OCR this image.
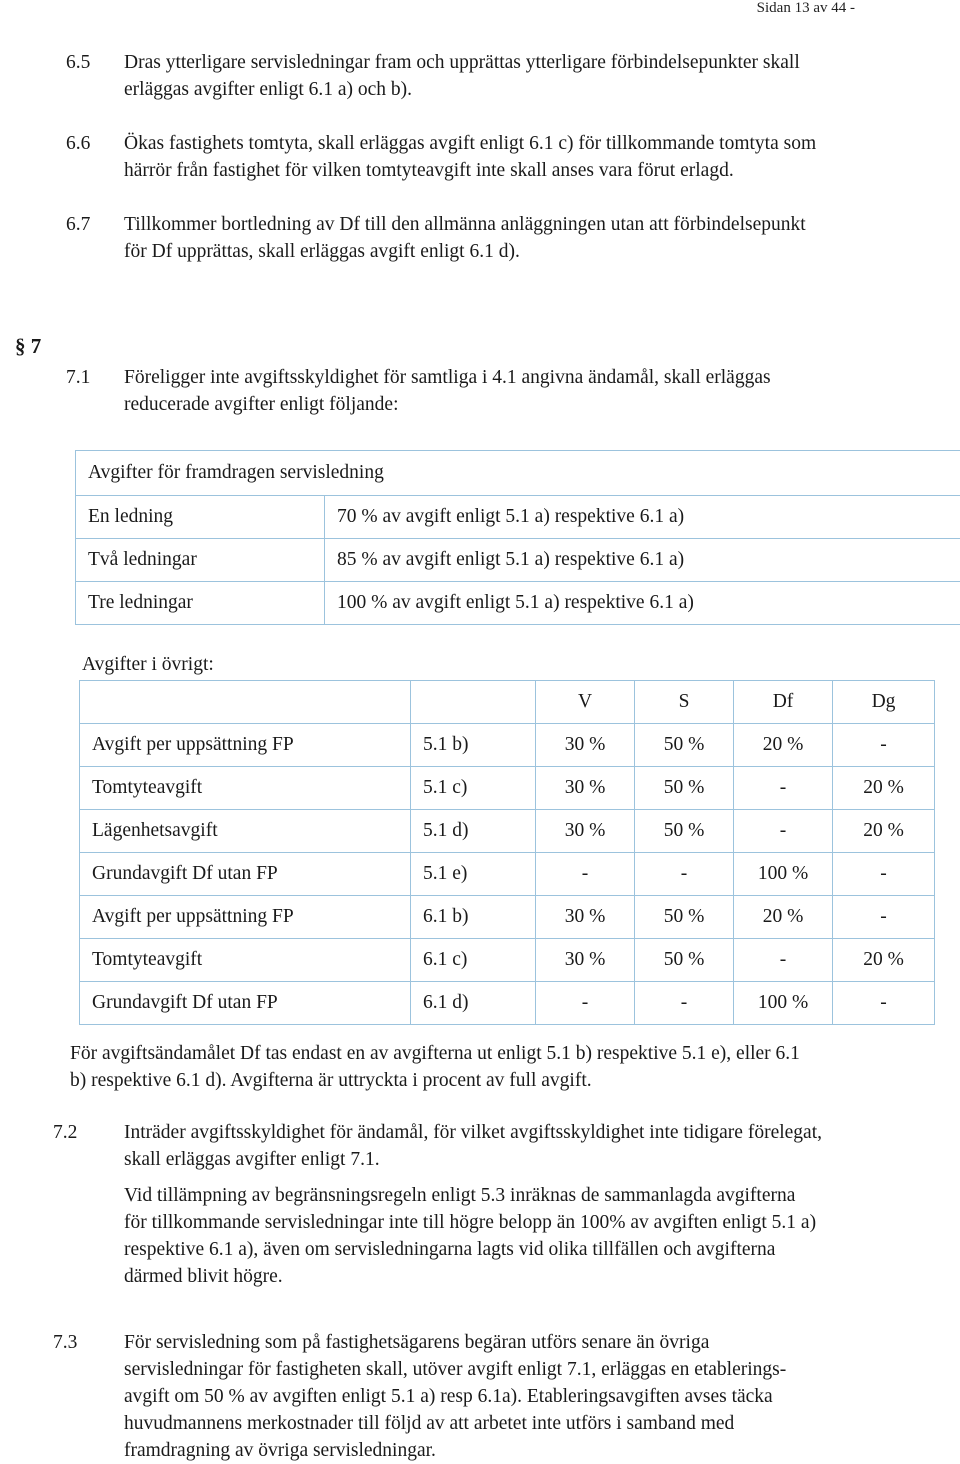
Sidan 13 av 44 -
6.5 Dras ytterligare servisledningar fram och upprättas ytterligare förbindelsepunkter skall
erläggas avgifter enligt 6.1 a) och b).
6.6 Ökas fastighets tomtyta, skall erläggas avgift enligt 6.1 c) för tillkommande tomtyta som
härrör från fastighet för vilken tomtyteavgift inte skall anses vara förut erlagd.
6.7 Tillkommer bortledning av Df till den allmänna anläggningen utan att förbindelsepunkt
för Df upprättas, skall erläggas avgift enligt 6.1 d).
§ 7
7.1 Föreligger inte avgiftsskyldighet för samtliga i 4.1 angivna ändamål, skall erläggas
reducerade avgifter enligt följande:
Avgifter för framdragen servisledning	
En ledning	70 % av avgift enligt 5.1 a) respektive 6.1 a)
Två ledningar	85 % av avgift enligt 5.1 a) respektive 6.1 a)
Tre ledningar	100 % av avgift enligt 5.1 a) respektive 6.1 a)
Avgifter i övrigt:
		V	S	Df	Dg
Avgift per uppsättning FP	5.1 b)	30 %	50 %	20 %	-
Tomtyteavgift	5.1 c)	30 %	50 %	-	20 %
Lägenhetsavgift	5.1 d)	30 %	50 %	-	20 %
Grundavgift Df utan FP	5.1 e)	-	-	100 %	-
Avgift per uppsättning FP	6.1 b)	30 %	50 %	20 %	-
Tomtyteavgift	6.1 c)	30 %	50 %	-	20 %
Grundavgift Df utan FP	6.1 d)	-	-	100 %	-
För avgiftsändamålet Df tas endast en av avgifterna ut enligt 5.1 b) respektive 5.1 e), eller 6.1
b) respektive 6.1 d). Avgifterna är uttryckta i procent av full avgift.
7.2 Inträder avgiftsskyldighet för ändamål, för vilket avgiftsskyldighet inte tidigare förelegat,
skall erläggas avgifter enligt 7.1.
Vid tillämpning av begränsningsregeln enligt 5.3 inräknas de sammanlagda avgifterna
för tillkommande servisledningar inte till högre belopp än 100% av avgiften enligt 5.1 a)
respektive 6.1 a), även om servisledningarna lagts vid olika tillfällen och avgifterna
därmed blivit högre.
7.3 För servisledning som på fastighetsägarens begäran utförs senare än övriga
servisledningar för fastigheten skall, utöver avgift enligt 7.1, erläggas en etablerings-
avgift om 50 % av avgiften enligt 5.1 a) resp 6.1a). Etableringsavgiften avses täcka
huvudmannens merkostnader till följd av att arbetet inte utförs i samband med
framdragning av övriga servisledningar.
